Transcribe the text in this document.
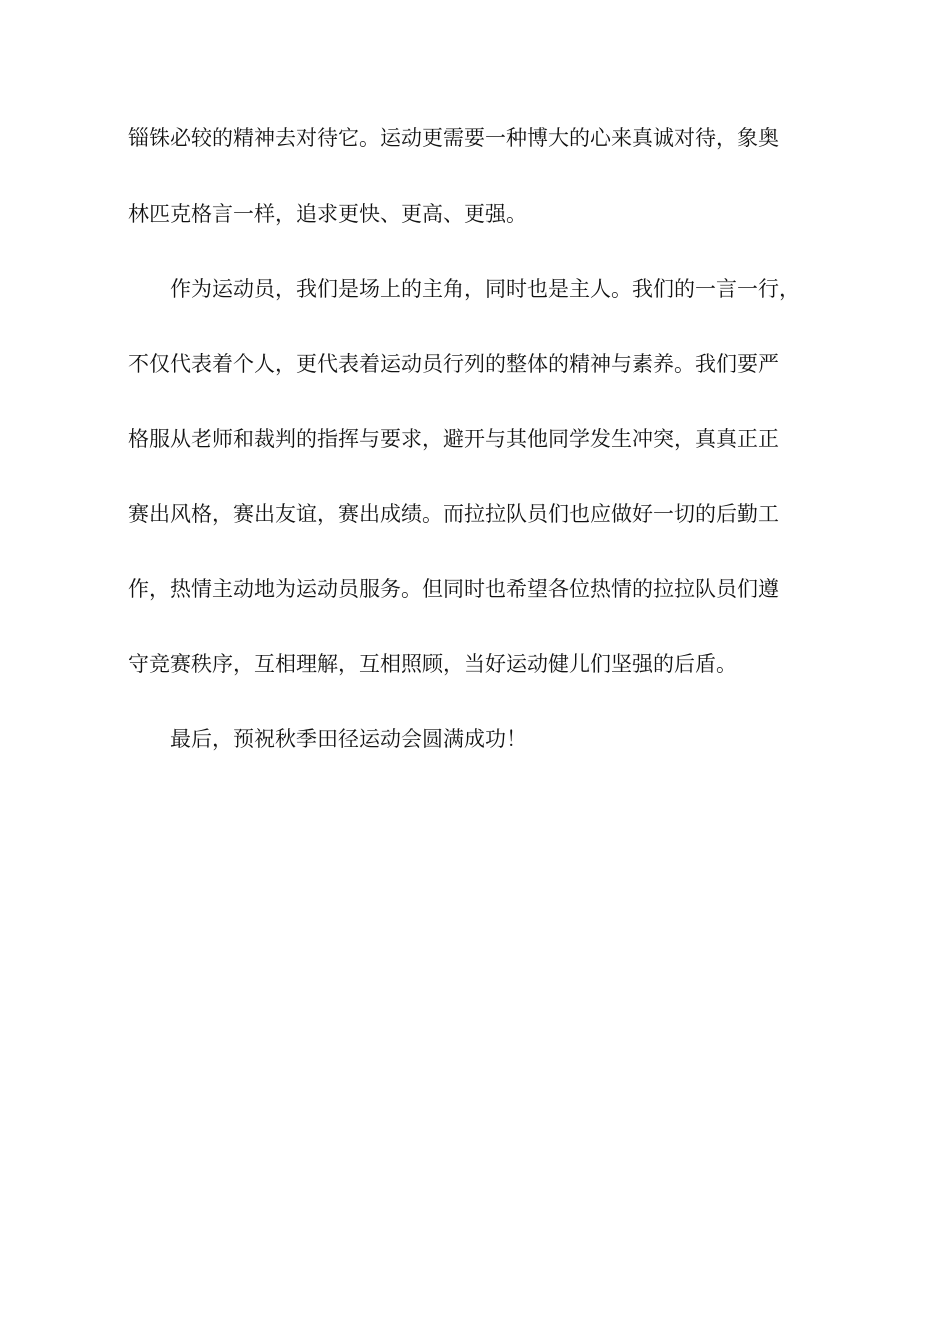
锱铢必较的精神去对待它。运动更需要一种博大的心来真诚对待，象奥

林匹克格言一样，追求更快、更高、更强。

作为运动员，我们是场上的主角，同时也是主人。我们的一言一行，

不仅代表着个人，更代表着运动员行列的整体的精神与素养。我们要严

格服从老师和裁判的指挥与要求，避开与其他同学发生冲突，真真正正

赛出风格，赛出友谊，赛出成绩。而拉拉队员们也应做好一切的后勤工

作，热情主动地为运动员服务。但同时也希望各位热情的拉拉队员们遵

守竞赛秩序，互相理解，互相照顾，当好运动健儿们坚强的后盾。

最后，预祝秋季田径运动会圆满成功！
